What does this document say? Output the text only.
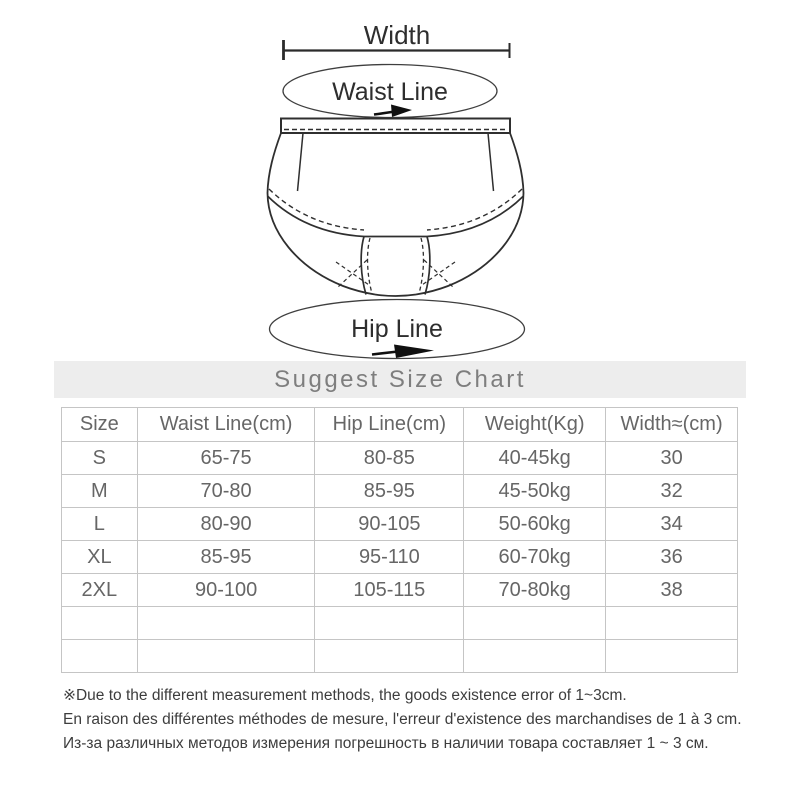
Width
Waist Line
Hip Line
Suggest Size Chart
Size	Waist Line(cm)	Hip Line(cm)	Weight(Kg)	Width≈(cm)
S	65-75	80-85	40-45kg	30
M	70-80	85-95	45-50kg	32
L	80-90	90-105	50-60kg	34
XL	85-95	95-110	60-70kg	36
2XL	90-100	105-115	70-80kg	38

※Due to the different measurement methods, the goods existence error of 1~3cm.
En raison des différentes méthodes de mesure, l'erreur d'existence des marchandises de 1 à 3 cm.
Из-за различных методов измерения погрешность в наличии товара составляет 1 ~ 3 см.
